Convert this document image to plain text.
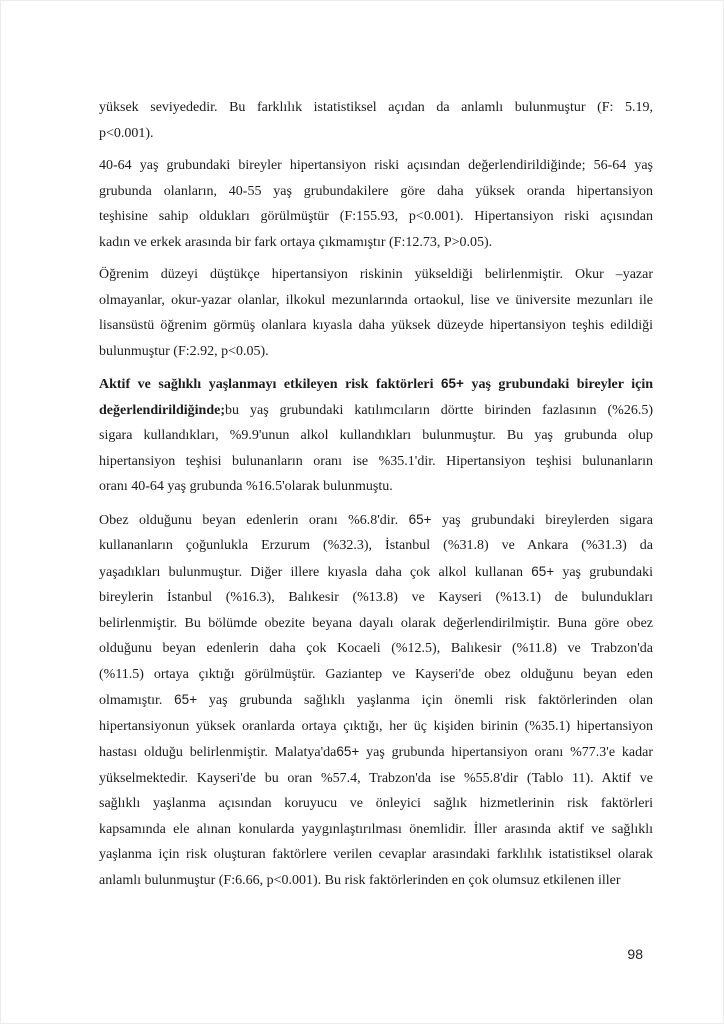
yüksek seviyededir. Bu farklılık istatistiksel açıdan da anlamlı bulunmuştur (F: 5.19,
p<0.001).
40-64 yaş grubundaki bireyler hipertansiyon riski açısından değerlendirildiğinde; 56-64 yaş
grubunda olanların, 40-55 yaş grubundakilere göre daha yüksek oranda hipertansiyon
teşhisine sahip oldukları görülmüştür (F:155.93, p<0.001). Hipertansiyon riski açısından
kadın ve erkek arasında bir fark ortaya çıkmamıştır (F:12.73, P>0.05).
Öğrenim düzeyi düştükçe hipertansiyon riskinin yükseldiği belirlenmiştir. Okur –yazar
olmayanlar, okur-yazar olanlar, ilkokul mezunlarında ortaokul, lise ve üniversite mezunları ile
lisansüstü öğrenim görmüş olanlara kıyasla daha yüksek düzeyde hipertansiyon teşhis edildiği
bulunmuştur (F:2.92, p<0.05).
Aktif ve sağlıklı yaşlanmayı etkileyen risk faktörleri 65+ yaş grubundaki bireyler için
değerlendirildiğinde;bu yaş grubundaki katılımcıların dörtte birinden fazlasının (%26.5)
sigara kullandıkları, %9.9'unun alkol kullandıkları bulunmuştur. Bu yaş grubunda olup
hipertansiyon teşhisi bulunanların oranı ise %35.1'dir. Hipertansiyon teşhisi bulunanların
oranı 40-64 yaş grubunda %16.5'olarak bulunmuştu.
Obez olduğunu beyan edenlerin oranı %6.8'dir. 65+ yaş grubundaki bireylerden sigara
kullananların çoğunlukla Erzurum (%32.3), İstanbul (%31.8) ve Ankara (%31.3) da
yaşadıkları bulunmuştur. Diğer illere kıyasla daha çok alkol kullanan 65+ yaş grubundaki
bireylerin İstanbul (%16.3), Balıkesir (%13.8) ve Kayseri (%13.1) de bulundukları
belirlenmiştir. Bu bölümde obezite beyana dayalı olarak değerlendirilmiştir. Buna göre obez
olduğunu beyan edenlerin daha çok Kocaeli (%12.5), Balıkesir (%11.8) ve Trabzon'da
(%11.5) ortaya çıktığı görülmüştür. Gaziantep ve Kayseri'de obez olduğunu beyan eden
olmamıştır. 65+ yaş grubunda sağlıklı yaşlanma için önemli risk faktörlerinden olan
hipertansiyonun yüksek oranlarda ortaya çıktığı, her üç kişiden birinin (%35.1) hipertansiyon
hastası olduğu belirlenmiştir. Malatya'da65+ yaş grubunda hipertansiyon oranı %77.3'e kadar
yükselmektedir. Kayseri'de bu oran %57.4, Trabzon'da ise %55.8'dir (Tablo 11). Aktif ve
sağlıklı yaşlanma açısından koruyucu ve önleyici sağlık hizmetlerinin risk faktörleri
kapsamında ele alınan konularda yaygınlaştırılması önemlidir. İller arasında aktif ve sağlıklı
yaşlanma için risk oluşturan faktörlere verilen cevaplar arasındaki farklılık istatistiksel olarak
anlamlı bulunmuştur (F:6.66, p<0.001). Bu risk faktörlerinden en çok olumsuz etkilenen iller
98
